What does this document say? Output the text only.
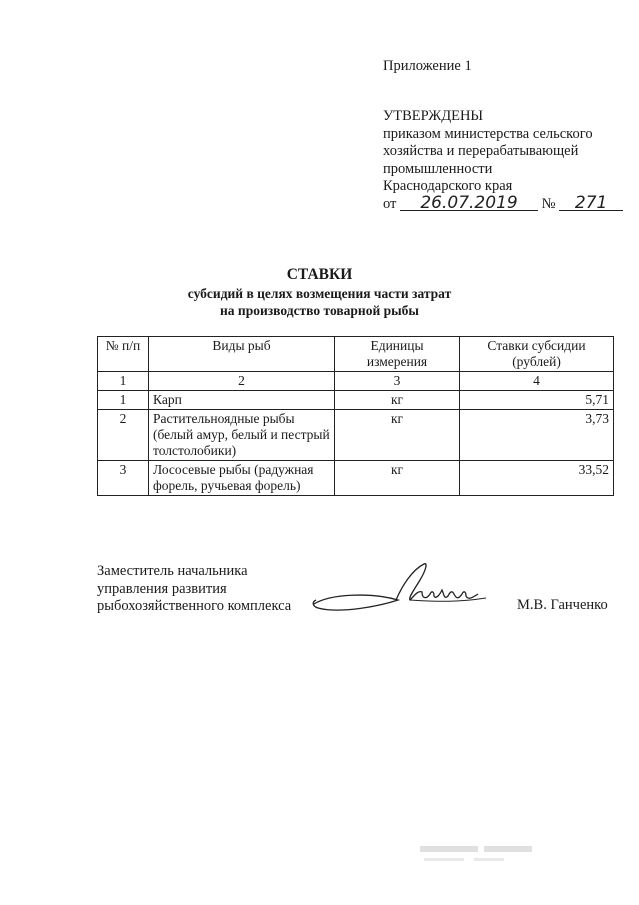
Приложение 1
УТВЕРЖДЕНЫ
приказом министерства сельского
хозяйства и перерабатывающей
промышленности
Краснодарского края
от 26.07.2019 № 271
СТАВКИ
субсидий в целях возмещения части затрат
на производство товарной рыбы
№ п/п	Виды рыб	Единицы измерения	Ставки субсидии (рублей)
1	2	3	4
1	Карп	кг	5,71
2	Растительноядные рыбы (белый амур, белый и пестрый толстолобики)	кг	3,73
3	Лососевые рыбы (радужная форель, ручьевая форель)	кг	33,52
Заместитель начальника
управления развития
рыбохозяйственного комплекса	М.В. Ганченко
